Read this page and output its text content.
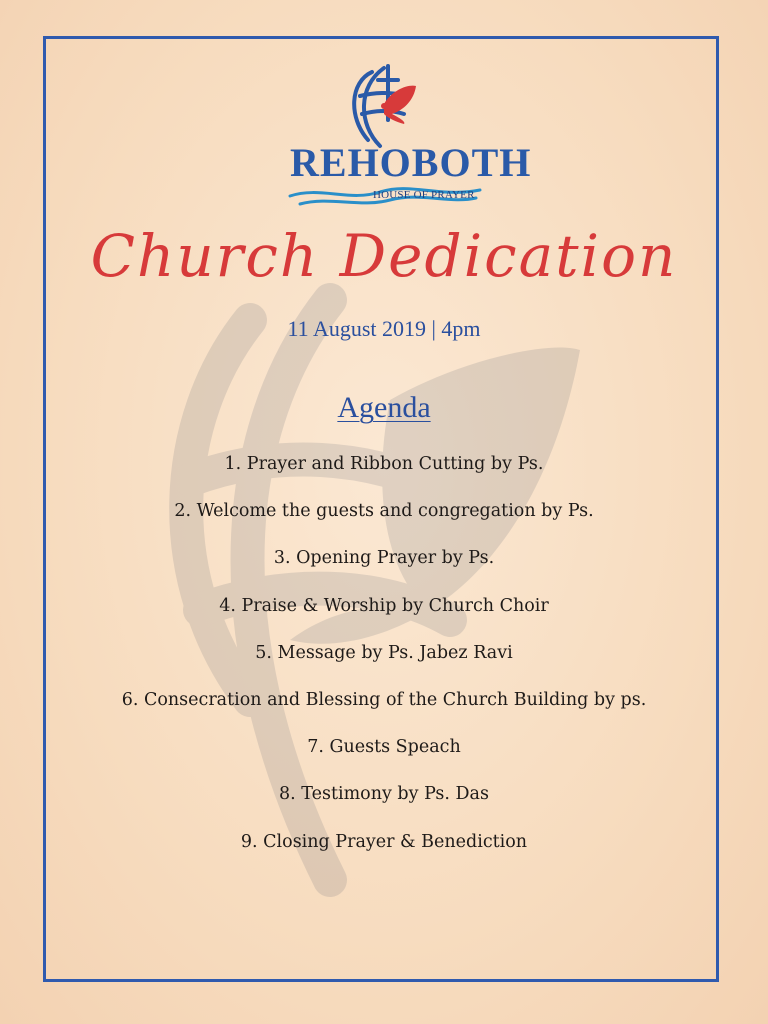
REHOBOTH
HOUSE OF PRAYER
Church Dedication
11 August 2019 | 4pm
Agenda
1. Prayer and Ribbon Cutting by Ps.
2. Welcome the guests and congregation by Ps.
3. Opening Prayer by Ps.
4. Praise & Worship by Church Choir
5. Message by Ps. Jabez Ravi
6. Consecration and Blessing of the Church Building by ps.
7. Guests Speach
8. Testimony by Ps. Das
9. Closing Prayer & Benediction
